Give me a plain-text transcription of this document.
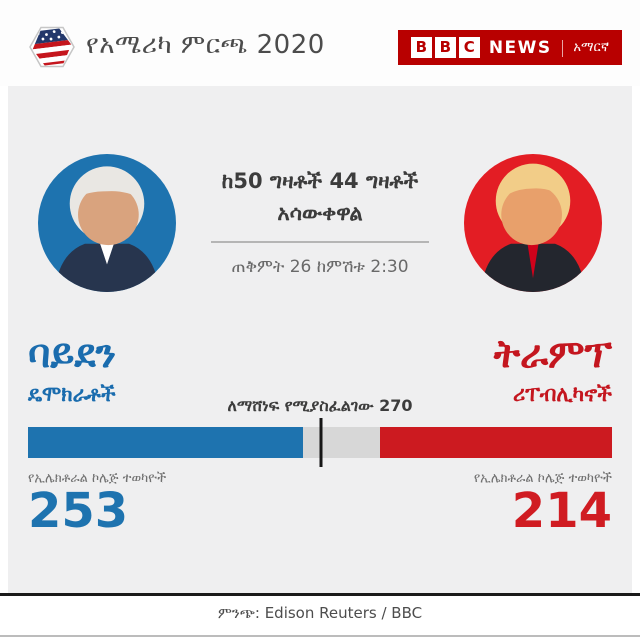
የአሜሪካ ምርጫ 2020	B B C NEWS | አማርኛ
ከ50 ግዛቶች 44 ግዛቶች
አሳውቀዋል
ጠቅምት 26 ከምሽቱ 2:30
ባይደን
ዴሞክራቶች
ትራምፕ
ሪፐብሊካኖች
ለማሸነፍ የሚያስፈልገው 270
የኢሌክቶራል ኮሌጅ ተወካዮች	የኢሌክቶራል ኮሌጅ ተወካዮች
253	214
ምንጭ: Edison Reuters / BBC
